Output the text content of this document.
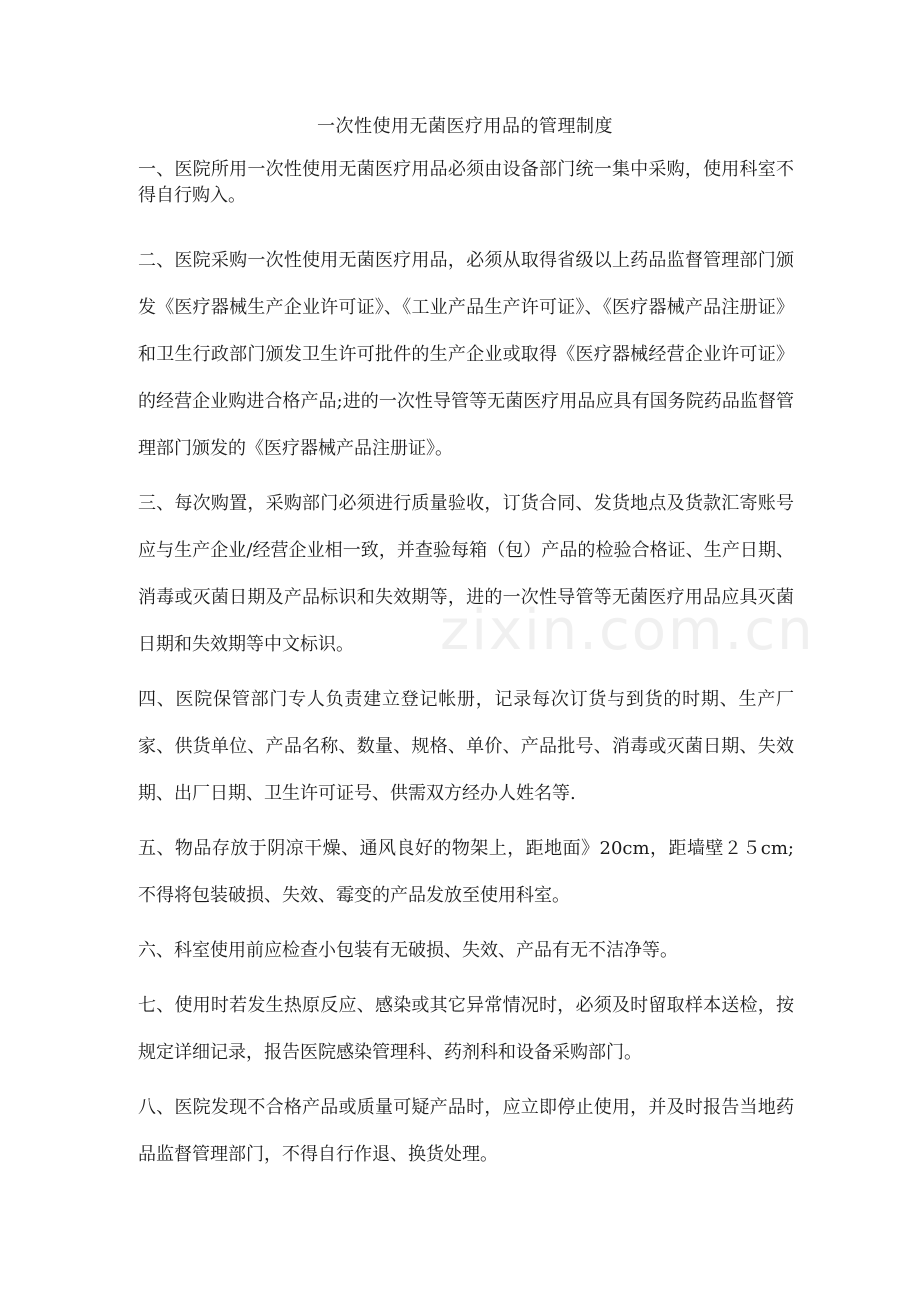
一次性使用无菌医疗用品的管理制度

一、医院所用一次性使用无菌医疗用品必须由设备部门统一集中采购，使用科室不得自行购入。

二、医院采购一次性使用无菌医疗用品，必须从取得省级以上药品监督管理部门颁发《医疗器械生产企业许可证》、《工业产品生产许可证》、《医疗器械产品注册证》和卫生行政部门颁发卫生许可批件的生产企业或取得《医疗器械经营企业许可证》的经营企业购进合格产品;进的一次性导管等无菌医疗用品应具有国务院药品监督管理部门颁发的《医疗器械产品注册证》。

三、每次购置，采购部门必须进行质量验收，订货合同、发货地点及货款汇寄账号应与生产企业/经营企业相一致，并查验每箱（包）产品的检验合格证、生产日期、消毒或灭菌日期及产品标识和失效期等，进的一次性导管等无菌医疗用品应具灭菌日期和失效期等中文标识。

四、医院保管部门专人负责建立登记帐册，记录每次订货与到货的时期、生产厂家、供货单位、产品名称、数量、规格、单价、产品批号、消毒或灭菌日期、失效期、出厂日期、卫生许可证号、供需双方经办人姓名等.

五、物品存放于阴凉干燥、通风良好的物架上，距地面》20cm，距墙壁２５cm;不得将包装破损、失效、霉变的产品发放至使用科室。

六、科室使用前应检查小包装有无破损、失效、产品有无不洁净等。

七、使用时若发生热原反应、感染或其它异常情况时，必须及时留取样本送检，按规定详细记录，报告医院感染管理科、药剂科和设备采购部门。

八、医院发现不合格产品或质量可疑产品时，应立即停止使用，并及时报告当地药品监督管理部门，不得自行作退、换货处理。

zixin.com.cn
